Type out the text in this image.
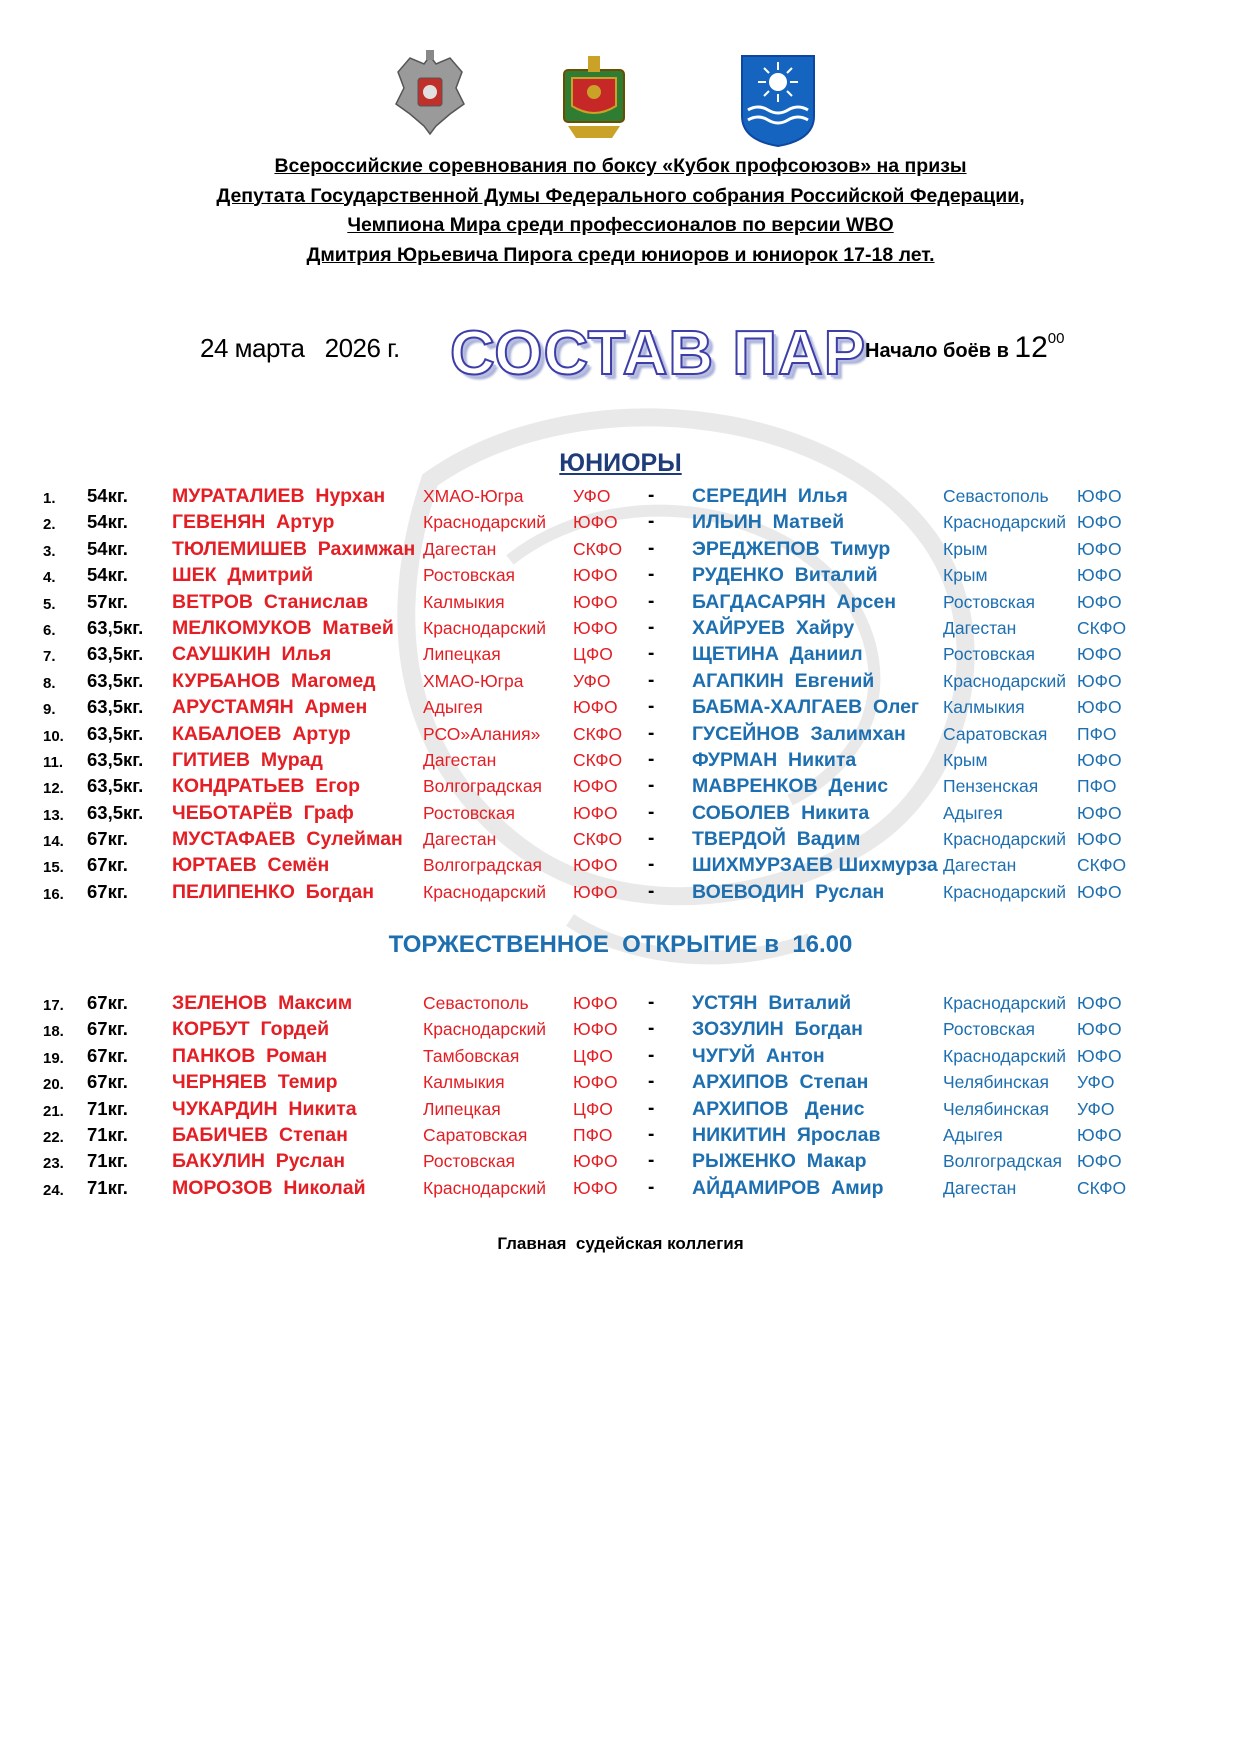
Всероссийские соревнования по боксу «Кубок профсоюзов» на призы
Депутата Государственной Думы Федерального собрания Российской Федерации,
Чемпиона Мира среди профессионалов по версии WBO
Дмитрия Юрьевича Пирога среди юниоров и юниорок 17-18 лет.
24 марта   2026 г. СОСТАВ ПАР
Начало боёв в $12^{00}$
ЮНИОРЫ
1. 54кг. МУРАТАЛИЕВ  Нурхан ХМАО-Югра	УФО - СЕРЕДИН  Илья	Севастополь ЮФО
2. 54кг. ГЕВЕНЯН  Артур	Краснодарский ЮФО - ИЛЬИН  Матвей	Краснодарский ЮФО
3. 54кг. ТЮЛЕМИШЕВ  Рахимжан Дагестан	СКФО - ЭРЕДЖЕПОВ  Тимур	Крым	ЮФО
4. 54кг. ШЕК  Дмитрий	Ростовская	ЮФО - РУДЕНКО  Виталий	Крым	ЮФО
5. 57кг. ВЕТРОВ  Станислав	Калмыкия	ЮФО - БАГДАСАРЯН  Арсен	Ростовская ЮФО
6. 63,5кг. МЕЛКОМУКОВ  Матвей Краснодарский ЮФО - ХАЙРУЕВ  Хайру	Дагестан	СКФО
7. 63,5кг. САУШКИН  Илья	Липецкая	ЦФО - ЩЕТИНА  Даниил	Ростовская ЮФО
8. 63,5кг. КУРБАНОВ  Магомед	ХМАО-Югра	УФО - АГАПКИН  Евгений	Краснодарский ЮФО
9. 63,5кг. АРУСТАМЯН  Армен	Адыгея	ЮФО - БАБМА-ХАЛГАЕВ  Олег Калмыкия	ЮФО
10. 63,5кг. КАБАЛОЕВ  Артур	РСО»Алания» СКФО - ГУСЕЙНОВ  Залимхан Саратовская ПФО
11. 63,5кг. ГИТИЕВ  Мурад	Дагестан	СКФО - ФУРМАН  Никита	Крым	ЮФО
12. 63,5кг. КОНДРАТЬЕВ  Егор	Волгоградская ЮФО - МАВРЕНКОВ  Денис	Пензенская ПФО
13. 63,5кг. ЧЕБОТАРЁВ  Граф	Ростовская	ЮФО - СОБОЛЕВ  Никита	Адыгея	ЮФО
14. 67кг. МУСТАФАЕВ  Сулейман Дагестан	СКФО - ТВЕРДОЙ  Вадим	Краснодарский ЮФО
15. 67кг. ЮРТАЕВ  Семён	Волгоградская ЮФО - ШИХМУРЗАЕВ Шихмурза Дагестан	СКФО
16. 67кг. ПЕЛИПЕНКО  Богдан	Краснодарский ЮФО - ВОЕВОДИН  Руслан	Краснодарский ЮФО
ТОРЖЕСТВЕННОЕ  ОТКРЫТИЕ в  16.00
17. 67кг. ЗЕЛЕНОВ  Максим	Севастополь	ЮФО - УСТЯН  Виталий	Краснодарский ЮФО
18. 67кг. КОРБУТ  Гордей	Краснодарский ЮФО - ЗОЗУЛИН  Богдан	Ростовская ЮФО
19. 67кг. ПАНКОВ  Роман	Тамбовская	ЦФО - ЧУГУЙ  Антон	Краснодарский ЮФО
20. 67кг. ЧЕРНЯЕВ  Темир	Калмыкия	ЮФО - АРХИПОВ  Степан	Челябинская УФО
21. 71кг. ЧУКАРДИН  Никита	Липецкая	ЦФО - АРХИПОВ   Денис	Челябинская УФО
22. 71кг. БАБИЧЕВ  Степан	Саратовская	ПФО - НИКИТИН  Ярослав	Адыгея	ЮФО
23. 71кг. БАКУЛИН  Руслан	Ростовская	ЮФО - РЫЖЕНКО  Макар	Волгоградская ЮФО
24. 71кг. МОРОЗОВ  Николай	Краснодарский ЮФО - АЙДАМИРОВ  Амир	Дагестан	СКФО
Главная  судейская коллегия
